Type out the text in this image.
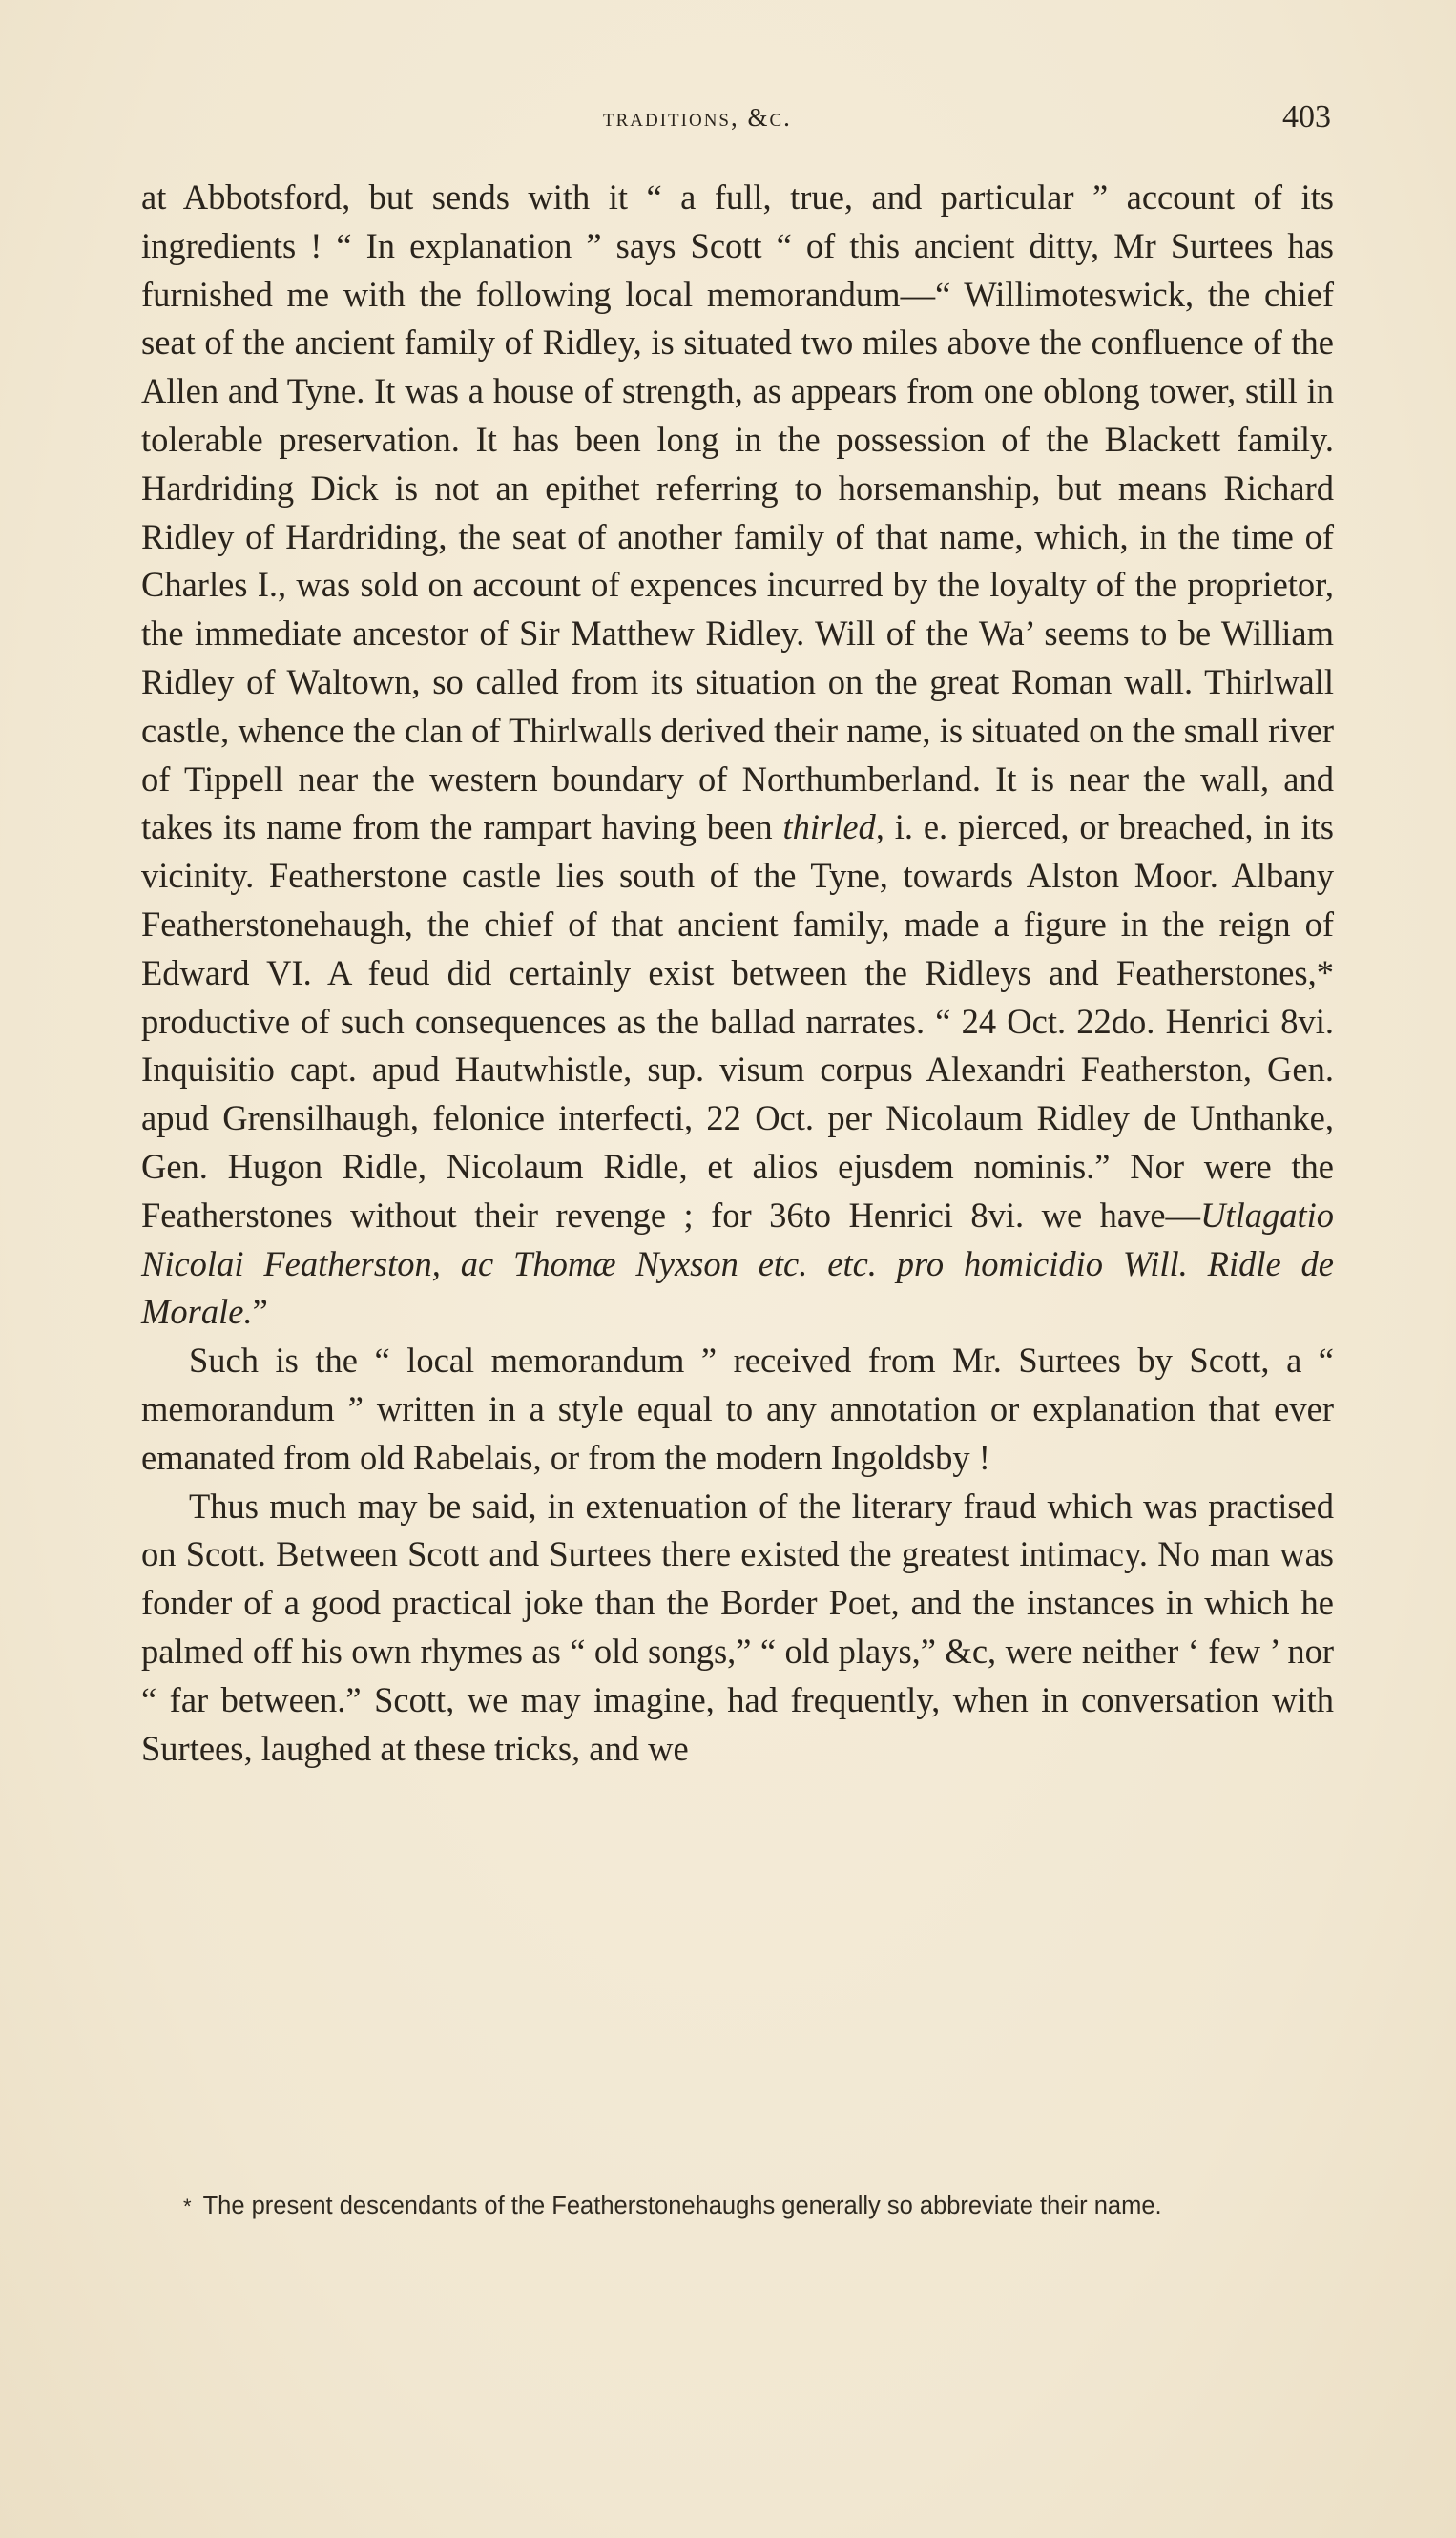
traditions, &c.	403

at Abbotsford, but sends with it “ a full, true, and particular ” account of its ingredients ! “ In explanation ” says Scott “ of this ancient ditty, Mr Surtees has furnished me with the following local memorandum—“ Willimoteswick, the chief seat of the ancient family of Ridley, is situated two miles above the confluence of the Allen and Tyne. It was a house of strength, as appears from one oblong tower, still in tolerable preservation. It has been long in the possession of the Blackett family. Hardriding Dick is not an epithet referring to horsemanship, but means Richard Ridley of Hardriding, the seat of another family of that name, which, in the time of Charles I., was sold on account of expences incurred by the loyalty of the proprietor, the immediate ancestor of Sir Matthew Ridley. Will of the Wa’ seems to be William Ridley of Waltown, so called from its situation on the great Roman wall. Thirlwall castle, whence the clan of Thirlwalls derived their name, is situated on the small river of Tippell near the western boundary of Northumberland. It is near the wall, and takes its name from the rampart having been thirled, i. e. pierced, or breached, in its vicinity. Featherstone castle lies south of the Tyne, towards Alston Moor. Albany Featherstonehaugh, the chief of that ancient family, made a figure in the reign of Edward VI. A feud did certainly exist between the Ridleys and Featherstones,* productive of such consequences as the ballad narrates. “ 24 Oct. 22do. Henrici 8vi. Inquisitio capt. apud Hautwhistle, sup. visum corpus Alexandri Featherston, Gen. apud Grensilhaugh, felonice interfecti, 22 Oct. per Nicolaum Ridley de Unthanke, Gen. Hugon Ridle, Nicolaum Ridle, et alios ejusdem nominis.” Nor were the Featherstones without their revenge ; for 36to Henrici 8vi. we have—Utlagatio Nicolai Featherston, ac Thomæ Nyxson etc. etc. pro homicidio Will. Ridle de Morale.”

Such is the “ local memorandum ” received from Mr. Surtees by Scott, a “ memorandum ” written in a style equal to any annotation or explanation that ever emanated from old Rabelais, or from the modern Ingoldsby !

Thus much may be said, in extenuation of the literary fraud which was practised on Scott. Between Scott and Surtees there existed the greatest intimacy. No man was fonder of a good practical joke than the Border Poet, and the instances in which he palmed off his own rhymes as “ old songs,” “ old plays,” &c, were neither ‘ few ’ nor “ far between.” Scott, we may imagine, had frequently, when in conversation with Surtees, laughed at these tricks, and we

* The present descendants of the Featherstonehaughs generally so abbreviate their name.
